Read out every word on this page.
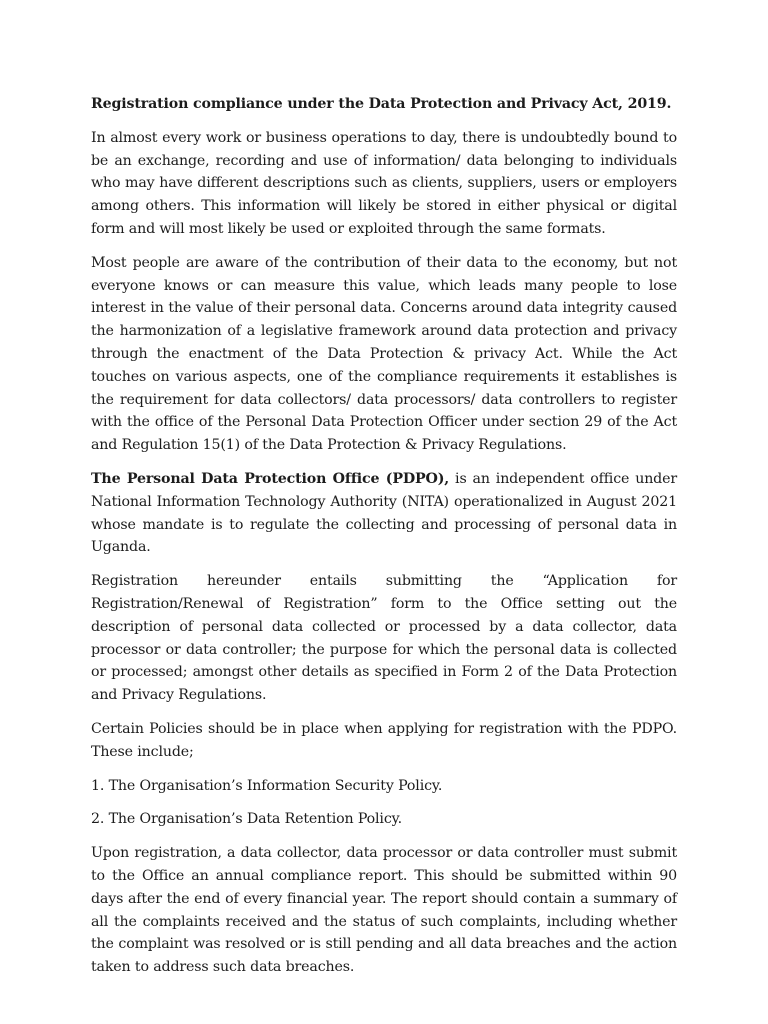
Registration compliance under the Data Protection and Privacy Act, 2019.

In almost every work or business operations to day, there is undoubtedly bound to be an exchange, recording and use of information/ data belonging to individuals who may have different descriptions such as clients, suppliers, users or employers among others. This information will likely be stored in either physical or digital form and will most likely be used or exploited through the same formats.

Most people are aware of the contribution of their data to the economy, but not everyone knows or can measure this value, which leads many people to lose interest in the value of their personal data. Concerns around data integrity caused the harmonization of a legislative framework around data protection and privacy through the enactment of the Data Protection & privacy Act. While the Act touches on various aspects, one of the compliance requirements it establishes is the requirement for data collectors/ data processors/ data controllers to register with the office of the Personal Data Protection Officer under section 29 of the Act and Regulation 15(1) of the Data Protection & Privacy Regulations.

The Personal Data Protection Office (PDPO), is an independent office under National Information Technology Authority (NITA) operationalized in August 2021 whose mandate is to regulate the collecting and processing of personal data in Uganda.

Registration hereunder entails submitting the “Application for Registration/Renewal of Registration” form to the Office setting out the description of personal data collected or processed by a data collector, data processor or data controller; the purpose for which the personal data is collected or processed; amongst other details as specified in Form 2 of the Data Protection and Privacy Regulations.

Certain Policies should be in place when applying for registration with the PDPO. These include;

1. The Organisation’s Information Security Policy.

2. The Organisation’s Data Retention Policy.

Upon registration, a data collector, data processor or data controller must submit to the Office an annual compliance report. This should be submitted within 90 days after the end of every financial year. The report should contain a summary of all the complaints received and the status of such complaints, including whether the complaint was resolved or is still pending and all data breaches and the action taken to address such data breaches.
